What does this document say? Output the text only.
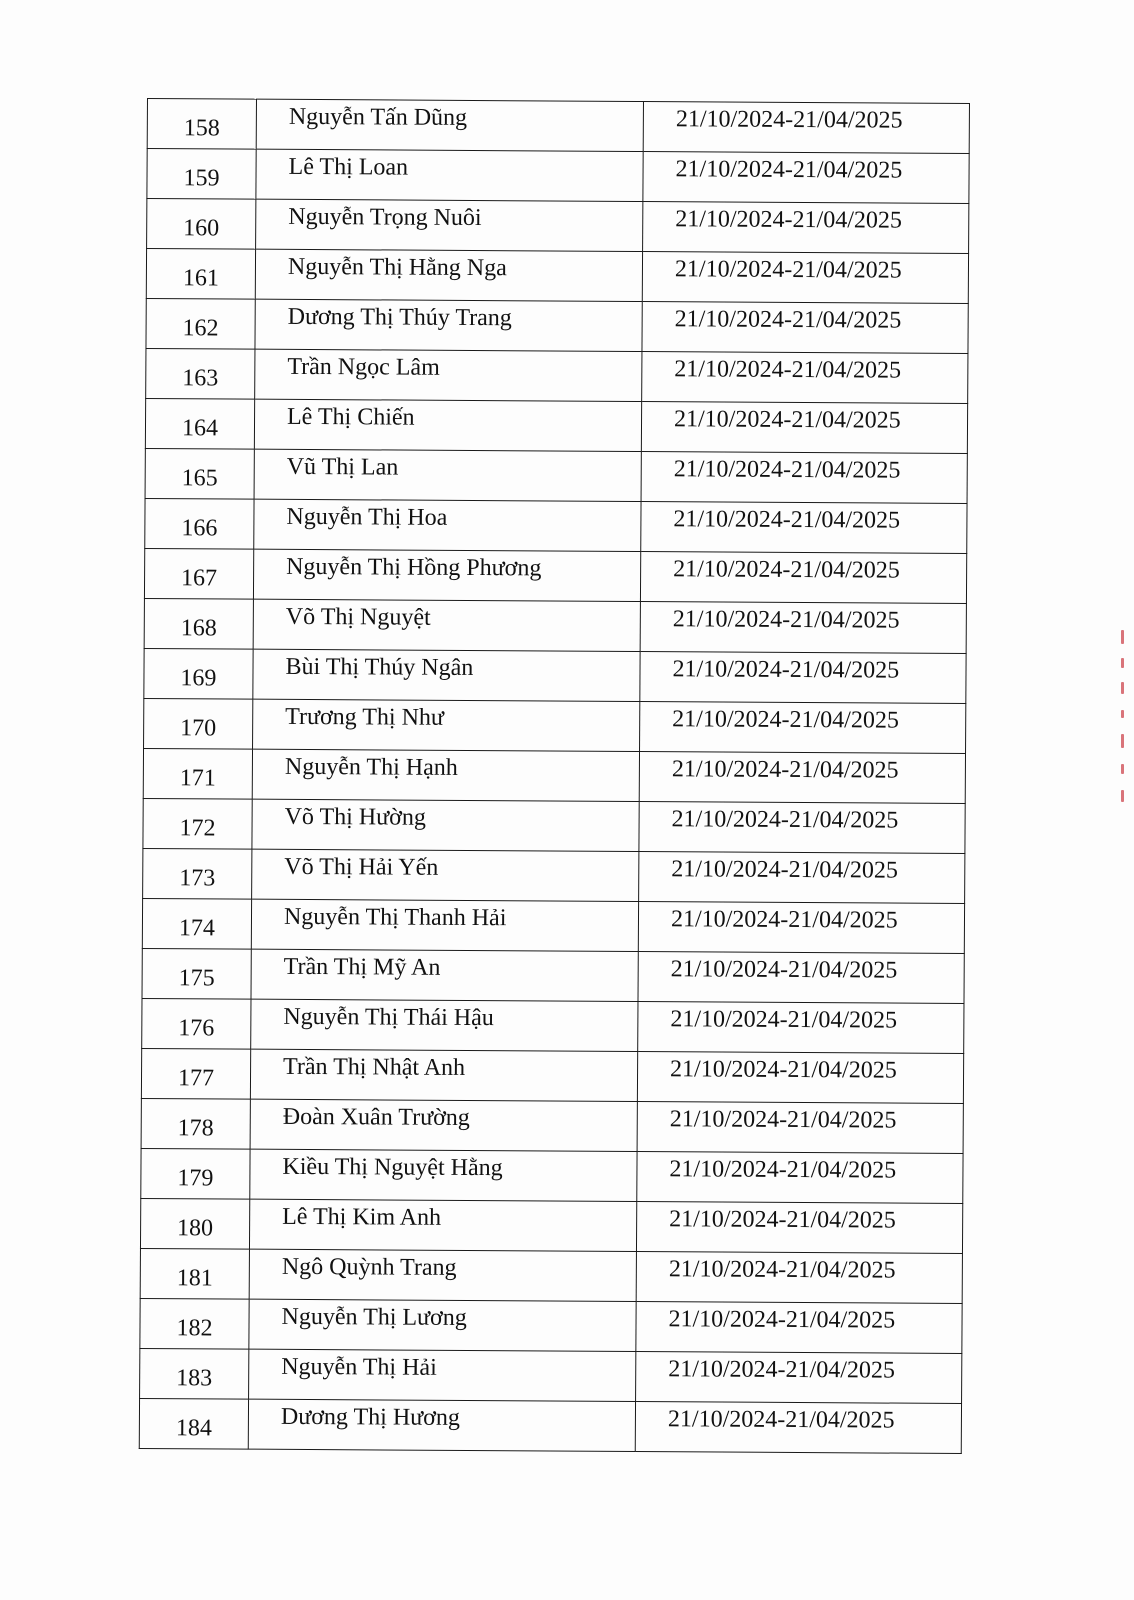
158	Nguyễn Tấn Dũng	21/10/2024-21/04/2025
159	Lê Thị Loan	21/10/2024-21/04/2025
160	Nguyễn Trọng Nuôi	21/10/2024-21/04/2025
161	Nguyễn Thị Hằng Nga	21/10/2024-21/04/2025
162	Dương Thị Thúy Trang	21/10/2024-21/04/2025
163	Trần Ngọc Lâm	21/10/2024-21/04/2025
164	Lê Thị Chiến	21/10/2024-21/04/2025
165	Vũ Thị Lan	21/10/2024-21/04/2025
166	Nguyễn Thị Hoa	21/10/2024-21/04/2025
167	Nguyễn Thị Hồng Phương	21/10/2024-21/04/2025
168	Võ Thị Nguyệt	21/10/2024-21/04/2025
169	Bùi Thị Thúy Ngân	21/10/2024-21/04/2025
170	Trương Thị Như	21/10/2024-21/04/2025
171	Nguyễn Thị Hạnh	21/10/2024-21/04/2025
172	Võ Thị Hường	21/10/2024-21/04/2025
173	Võ Thị Hải Yến	21/10/2024-21/04/2025
174	Nguyễn Thị Thanh Hải	21/10/2024-21/04/2025
175	Trần Thị Mỹ An	21/10/2024-21/04/2025
176	Nguyễn Thị Thái Hậu	21/10/2024-21/04/2025
177	Trần Thị Nhật Anh	21/10/2024-21/04/2025
178	Đoàn Xuân Trường	21/10/2024-21/04/2025
179	Kiều Thị Nguyệt Hằng	21/10/2024-21/04/2025
180	Lê Thị Kim Anh	21/10/2024-21/04/2025
181	Ngô Quỳnh Trang	21/10/2024-21/04/2025
182	Nguyễn Thị Lương	21/10/2024-21/04/2025
183	Nguyễn Thị Hải	21/10/2024-21/04/2025
184	Dương Thị Hương	21/10/2024-21/04/2025
